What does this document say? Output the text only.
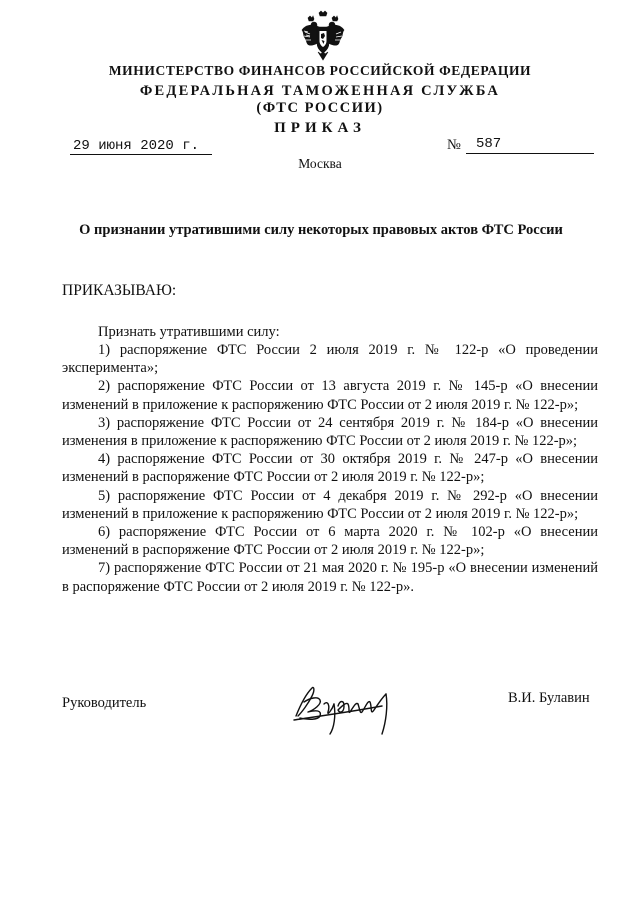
МИНИСТЕРСТВО ФИНАНСОВ РОССИЙСКОЙ ФЕДЕРАЦИИ
ФЕДЕРАЛЬНАЯ ТАМОЖЕННАЯ СЛУЖБА
(ФТС РОССИИ)
ПРИКАЗ
29 июня 2020 г.	№ 587
Москва
О признании утратившими силу некоторых правовых актов ФТС России
ПРИКАЗЫВАЮ:
Признать утратившими силу:

1) распоряжение ФТС России 2 июля 2019 г. № 122-р «О проведении эксперимента»;

2) распоряжение ФТС России от 13 августа 2019 г. № 145-р «О внесении изменений в приложение к распоряжению ФТС России от 2 июля 2019 г. № 122-р»;

3) распоряжение ФТС России от 24 сентября 2019 г. № 184-р «О внесении изменения в приложение к распоряжению ФТС России от 2 июля 2019 г. № 122-р»;

4) распоряжение ФТС России от 30 октября 2019 г. № 247-р «О внесении изменений в распоряжение ФТС России от 2 июля 2019 г. № 122-р»;

5) распоряжение ФТС России от 4 декабря 2019 г. № 292-р «О внесении изменений в приложение к распоряжению ФТС России от 2 июля 2019 г. № 122-р»;

6) распоряжение ФТС России от 6 марта 2020 г. № 102-р «О внесении изменений в распоряжение ФТС России от 2 июля 2019 г. № 122-р»;

7) распоряжение ФТС России от 21 мая 2020 г. № 195-р «О внесении изменений в распоряжение ФТС России от 2 июля 2019 г. № 122-р».

Руководитель	В.И. Булавин
